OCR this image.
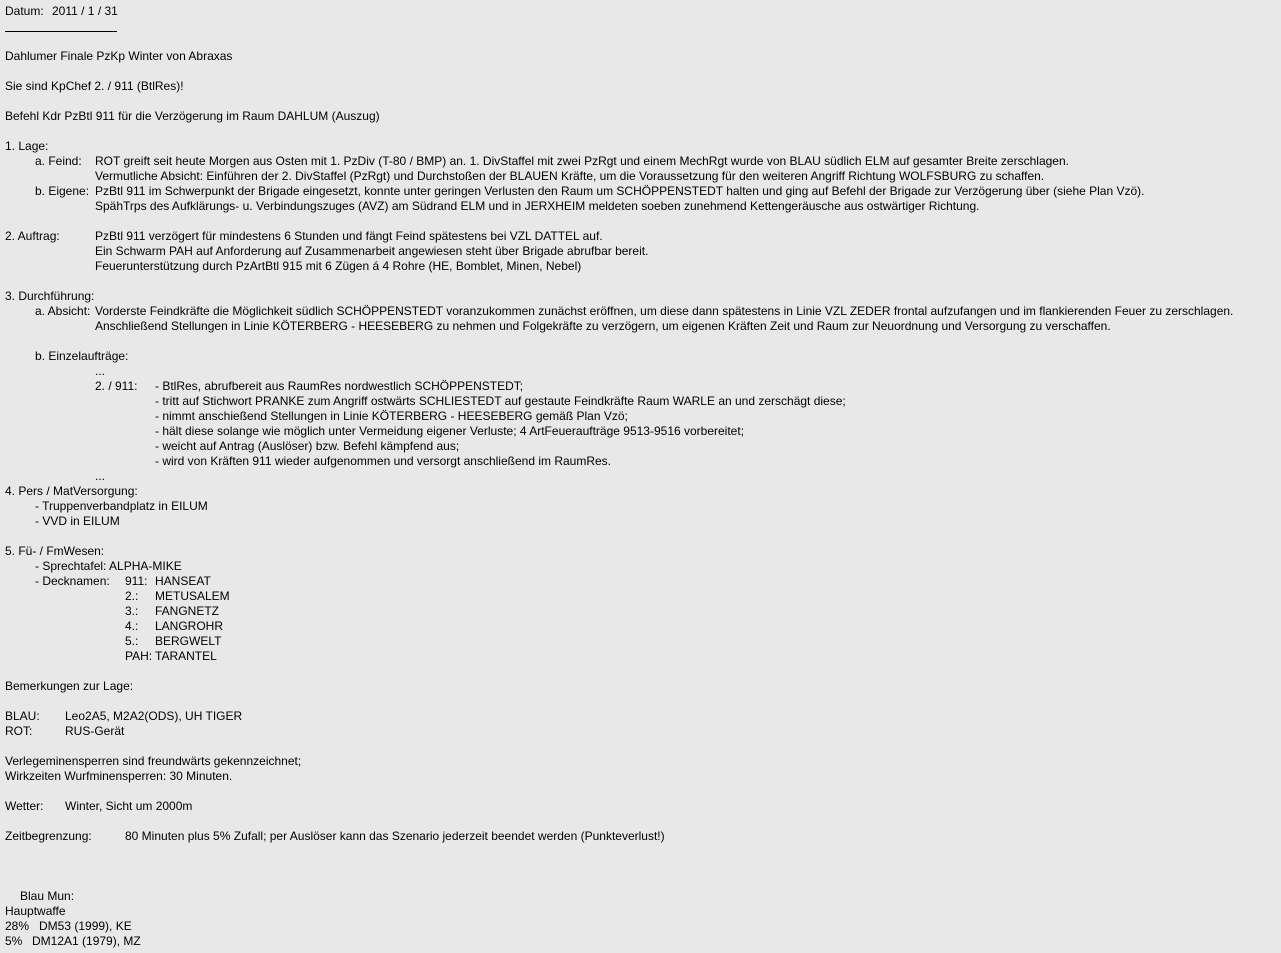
Datum: 2011 / 1 / 31
Dahlumer Finale PzKp Winter von Abraxas
Sie sind KpChef 2. / 911 (BtlRes)!
Befehl Kdr PzBtl 911 für die Verzögerung im Raum DAHLUM (Auszug)
1. Lage:
a. Feind: ROT greift seit heute Morgen aus Osten mit 1. PzDiv (T-80 / BMP) an. 1. DivStaffel mit zwei PzRgt und einem MechRgt wurde von BLAU südlich ELM auf gesamter Breite zerschlagen.
Vermutliche Absicht: Einführen der 2. DivStaffel (PzRgt) und Durchstoßen der BLAUEN Kräfte, um die Voraussetzung für den weiteren Angriff Richtung WOLFSBURG zu schaffen.
b. Eigene: PzBtl 911 im Schwerpunkt der Brigade eingesetzt, konnte unter geringen Verlusten den Raum um SCHÖPPENSTEDT halten und ging auf Befehl der Brigade zur Verzögerung über (siehe Plan Vzö).
SpähTrps des Aufklärungs- u. Verbindungszuges (AVZ) am Südrand ELM und in JERXHEIM meldeten soeben zunehmend Kettengeräusche aus ostwärtiger Richtung.
2. Auftrag:	PzBtl 911 verzögert für mindestens 6 Stunden und fängt Feind spätestens bei VZL DATTEL auf.
Ein Schwarm PAH auf Anforderung auf Zusammenarbeit angewiesen steht über Brigade abrufbar bereit.
Feuerunterstützung durch PzArtBtl 915 mit 6 Zügen á 4 Rohre (HE, Bomblet, Minen, Nebel)
3. Durchführung:
a. Absicht: Vorderste Feindkräfte die Möglichkeit südlich SCHÖPPENSTEDT voranzukommen zunächst eröffnen, um diese dann spätestens in Linie VZL ZEDER frontal aufzufangen und im flankierenden Feuer zu zerschlagen.
Anschließend Stellungen in Linie KÖTERBERG - HEESEBERG zu nehmen und Folgekräfte zu verzögern, um eigenen Kräften Zeit und Raum zur Neuordnung und Versorgung zu verschaffen.
b. Einzelaufträge:
...
2. / 911: - BtlRes, abrufbereit aus RaumRes nordwestlich SCHÖPPENSTEDT;
- tritt auf Stichwort PRANKE zum Angriff ostwärts SCHLIESTEDT auf gestaute Feindkräfte Raum WARLE an und zerschägt diese;
- nimmt anschießend Stellungen in Linie KÖTERBERG - HEESEBERG gemäß Plan Vzö;
- hält diese solange wie möglich unter Vermeidung eigener Verluste; 4 ArtFeueraufträge 9513-9516 vorbereitet;
- weicht auf Antrag (Auslöser) bzw. Befehl kämpfend aus;
- wird von Kräften 911 wieder aufgenommen und versorgt anschließend im RaumRes.
...
4. Pers / MatVersorgung:
- Truppenverbandplatz in EILUM
- VVD in EILUM
5. Fü- / FmWesen:
- Sprechtafel: ALPHA-MIKE
- Decknamen: 911: HANSEAT
2.: METUSALEM
3.: FANGNETZ
4.: LANGROHR
5.: BERGWELT
PAH: TARANTEL
Bemerkungen zur Lage:
BLAU: Leo2A5, M2A2(ODS), UH TIGER
ROT:	RUS-Gerät
Verlegeminensperren sind freundwärts gekennzeichnet;
Wirkzeiten Wurfminensperren: 30 Minuten.
Wetter: Winter, Sicht um 2000m
Zeitbegrenzung:	80 Minuten plus 5% Zufall; per Auslöser kann das Szenario jederzeit beendet werden (Punkteverlust!)
Blau Mun:
Hauptwaffe
28% DM53 (1999), KE
5% DM12A1 (1979), MZ
